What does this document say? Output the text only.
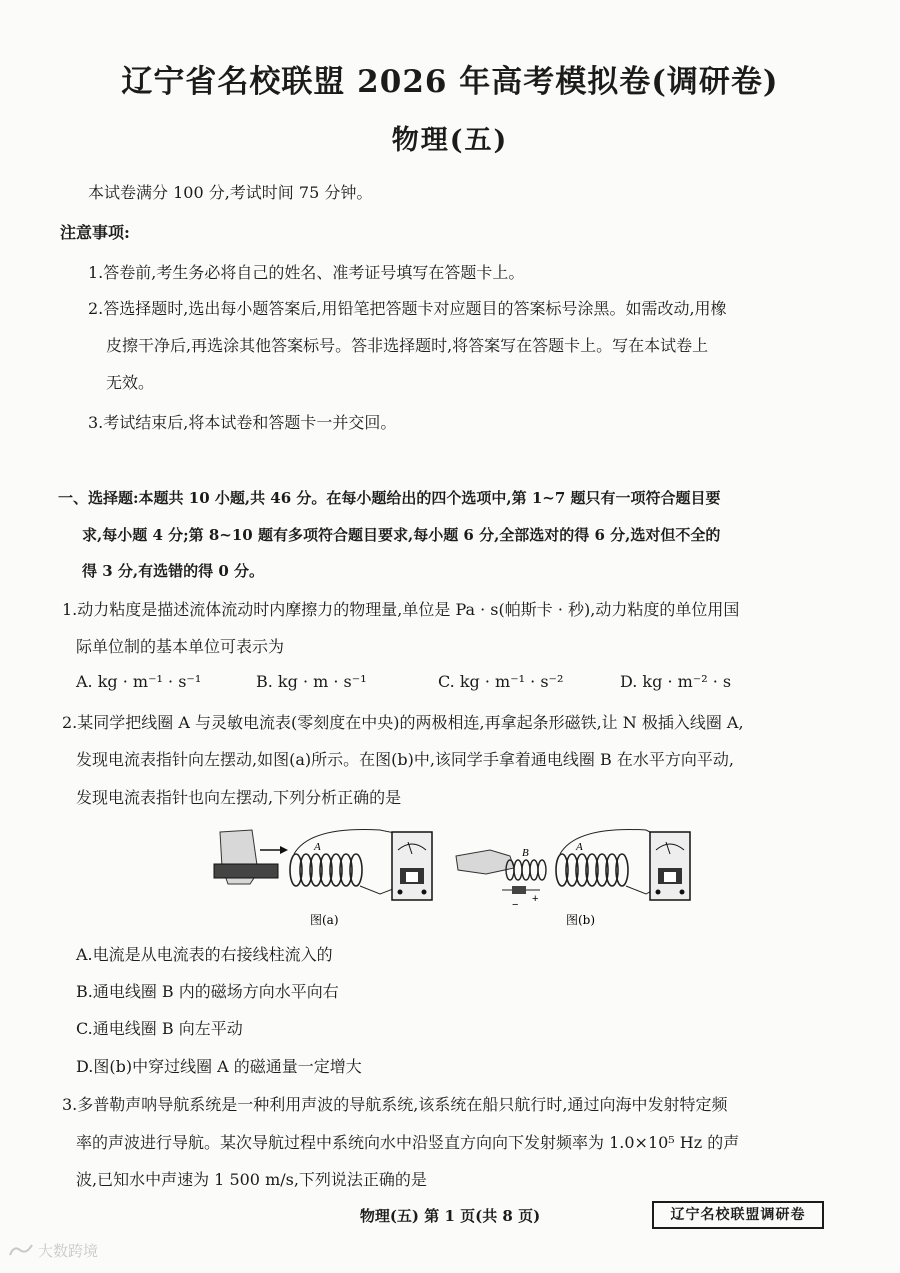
辽宁省名校联盟 2026 年高考模拟卷(调研卷)
物理(五)
本试卷满分 100 分,考试时间 75 分钟。
注意事项:
1.答卷前,考生务必将自己的姓名、准考证号填写在答题卡上。
2.答选择题时,选出每小题答案后,用铅笔把答题卡对应题目的答案标号涂黑。如需改动,用橡
皮擦干净后,再选涂其他答案标号。答非选择题时,将答案写在答题卡上。写在本试卷上
无效。
3.考试结束后,将本试卷和答题卡一并交回。
一、选择题:本题共 10 小题,共 46 分。在每小题给出的四个选项中,第 1~7 题只有一项符合题目要
求,每小题 4 分;第 8~10 题有多项符合题目要求,每小题 6 分,全部选对的得 6 分,选对但不全的
得 3 分,有选错的得 0 分。
1.动力粘度是描述流体流动时内摩擦力的物理量,单位是 Pa · s(帕斯卡 · 秒),动力粘度的单位用国
际单位制的基本单位可表示为
A. kg · m⁻¹ · s⁻¹	B. kg · m · s⁻¹	C. kg · m⁻¹ · s⁻²	D. kg · m⁻² · s
2.某同学把线圈 A 与灵敏电流表(零刻度在中央)的两极相连,再拿起条形磁铁,让 N 极插入线圈 A,
发现电流表指针向左摆动,如图(a)所示。在图(b)中,该同学手拿着通电线圈 B 在水平方向平动,
发现电流表指针也向左摆动,下列分析正确的是
A	B
− +
A
图(a)	图(b)
A.电流是从电流表的右接线柱流入的
B.通电线圈 B 内的磁场方向水平向右
C.通电线圈 B 向左平动
D.图(b)中穿过线圈 A 的磁通量一定增大
3.多普勒声呐导航系统是一种利用声波的导航系统,该系统在船只航行时,通过向海中发射特定频
率的声波进行导航。某次导航过程中系统向水中沿竖直方向向下发射频率为 1.0×10⁵ Hz 的声
波,已知水中声速为 1 500 m/s,下列说法正确的是
物理(五) 第 1 页(共 8 页)	辽宁名校联盟调研卷
大数跨境
